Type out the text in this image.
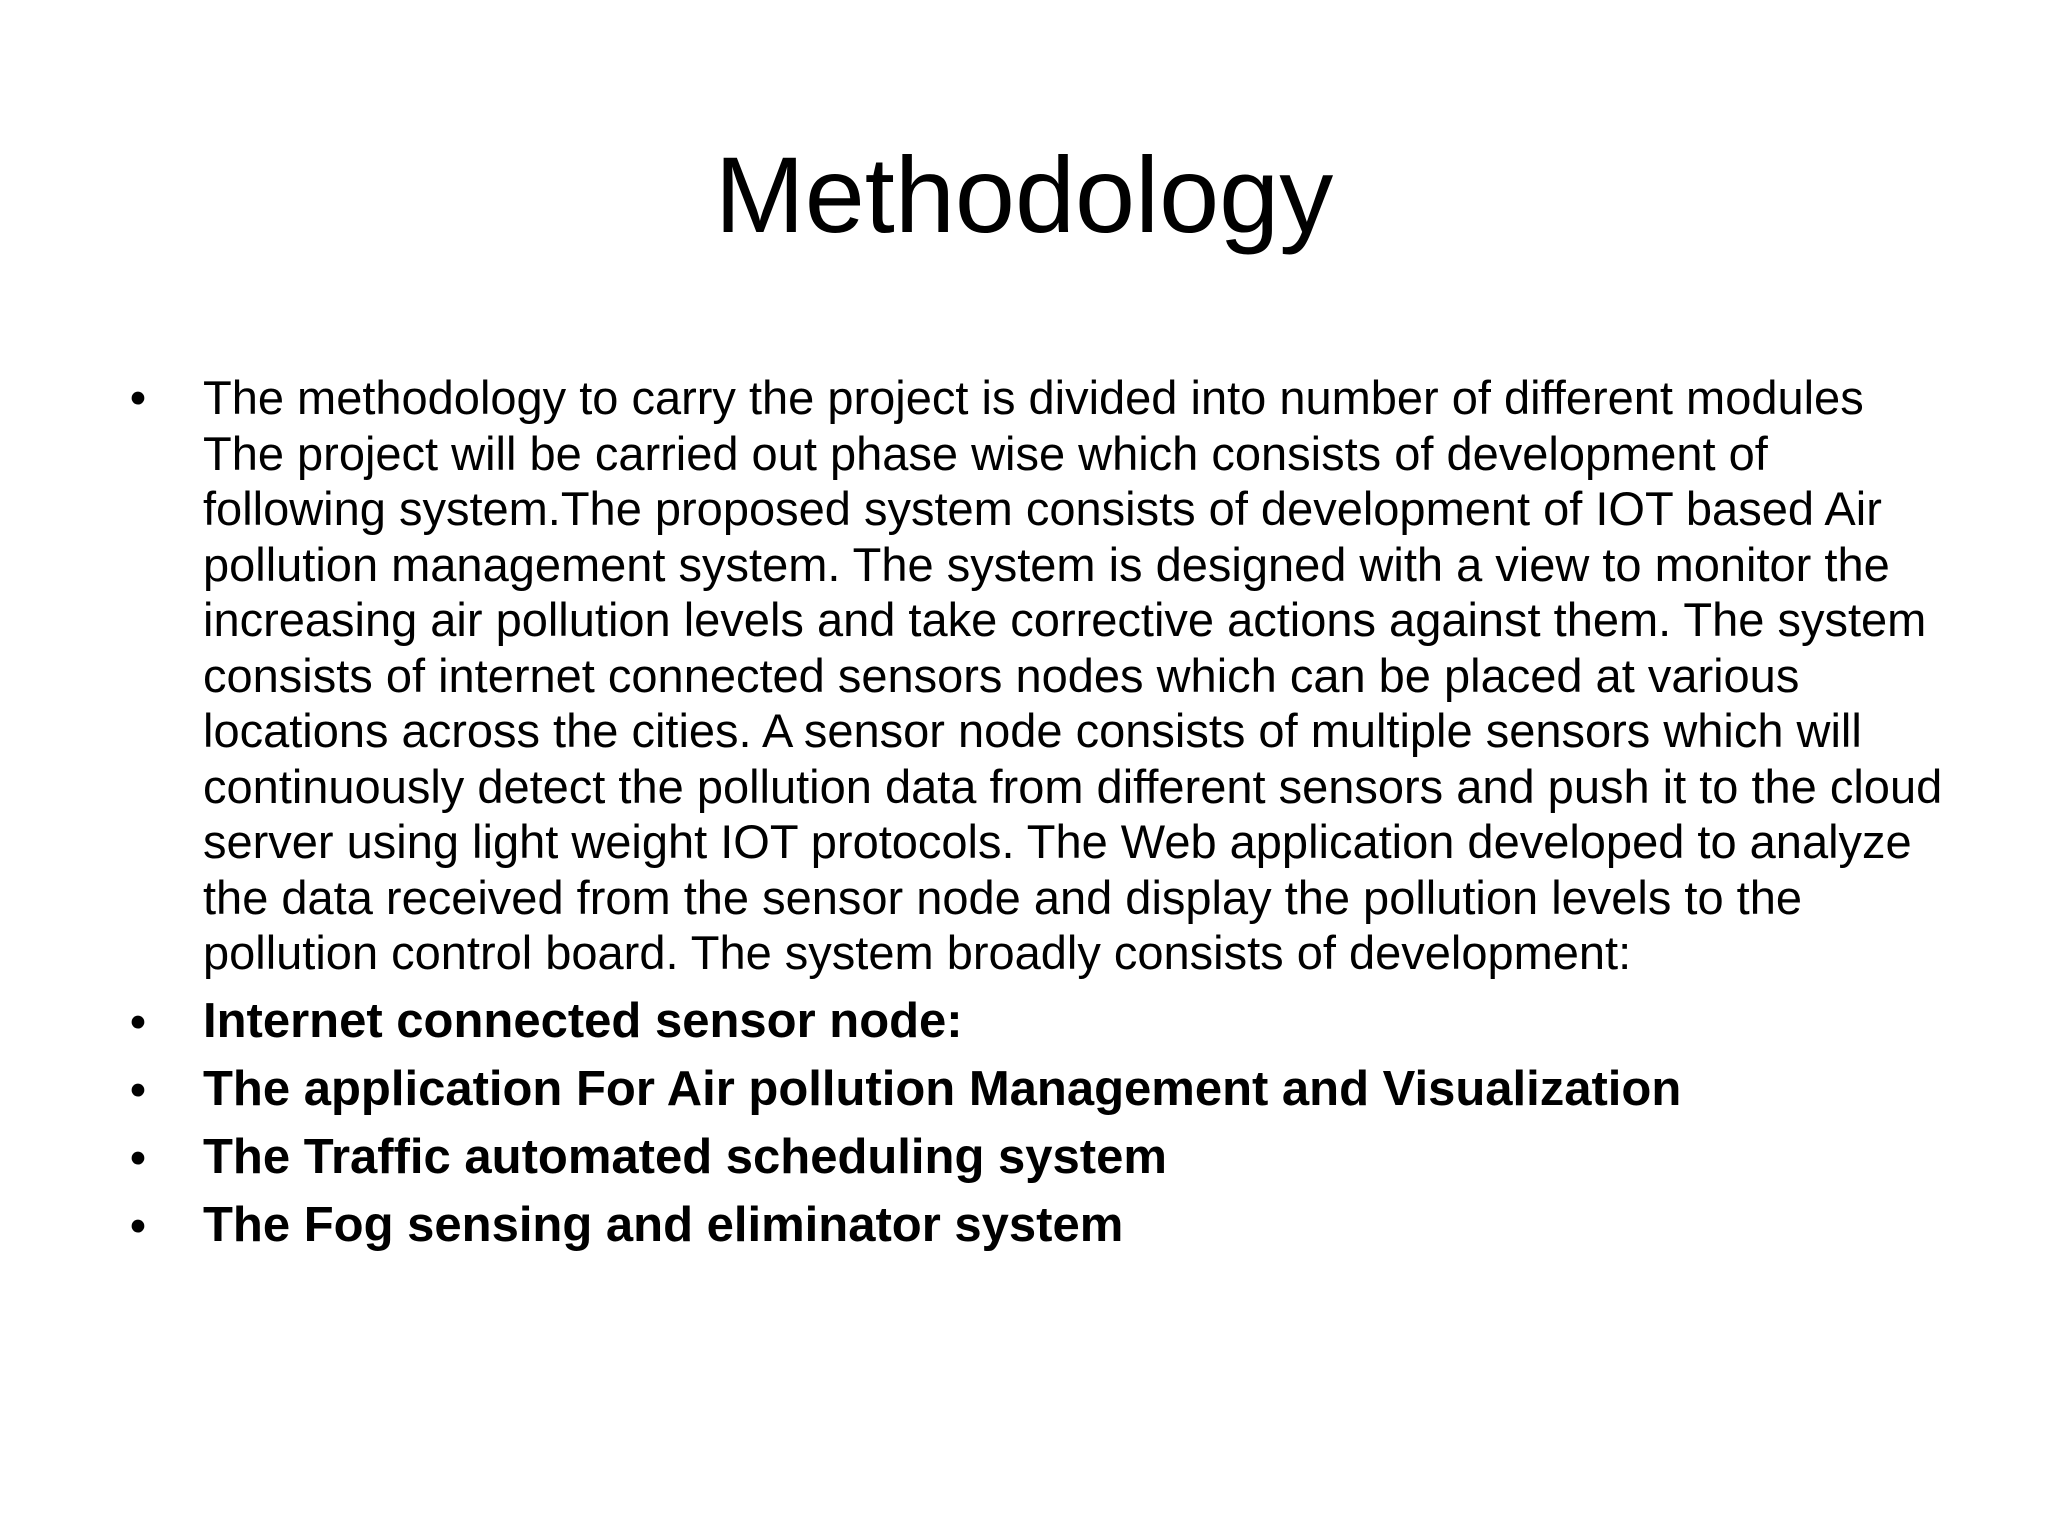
Methodology
• The methodology to carry the project is divided into number of different modules The project will be carried out phase wise which consists of development of following system.The proposed system consists of development of IOT based Air pollution management system. The system is designed with a view to monitor the increasing air pollution levels and take corrective actions against them. The system consists of internet connected sensors nodes which can be placed at various locations across the cities. A sensor node consists of multiple sensors which will continuously detect the pollution data from different sensors and push it to the cloud server using light weight IOT protocols. The Web application developed to analyze the data received from the sensor node and display the pollution levels to the pollution control board. The system broadly consists of development:
• Internet connected sensor node:
• The application For Air pollution Management and Visualization
• The Traffic automated scheduling system
• The Fog sensing and eliminator system
